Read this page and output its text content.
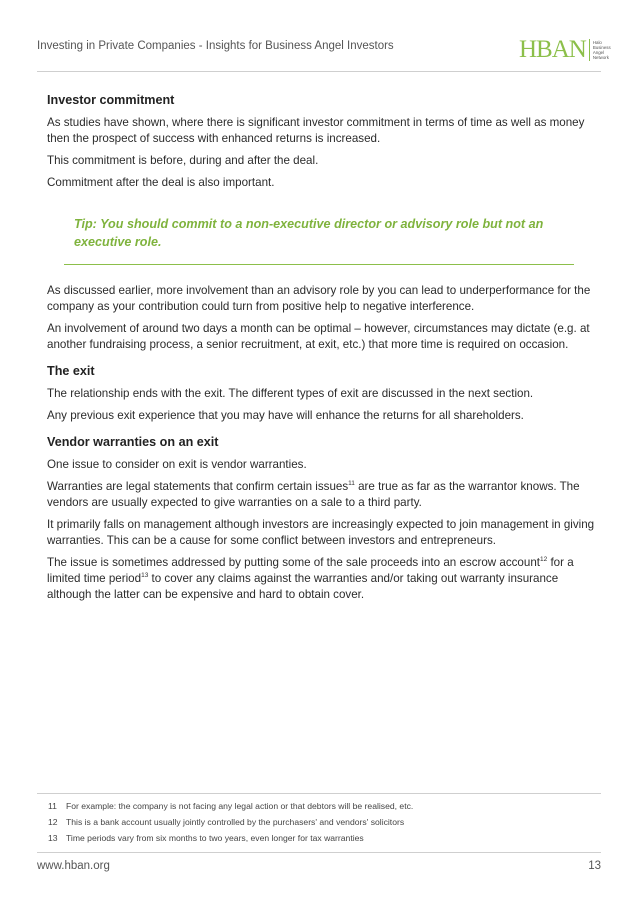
Investing in Private Companies - Insights for Business Angel Investors	HBAN Halo
Business
Angel
Network
Investor commitment

As studies have shown, where there is significant investor commitment in terms of time as well as money then the prospect of success with enhanced returns is increased.

This commitment is before, during and after the deal.

Commitment after the deal is also important.

Tip: You should commit to a non-executive director or advisory role but not an executive role.

As discussed earlier, more involvement than an advisory role by you can lead to underperformance for the company as your contribution could turn from positive help to negative interference.

An involvement of around two days a month can be optimal – however, circumstances may dictate (e.g. at another fundraising process, a senior recruitment, at exit, etc.) that more time is required on occasion.

The exit

The relationship ends with the exit. The different types of exit are discussed in the next section.

Any previous exit experience that you may have will enhance the returns for all shareholders.

Vendor warranties on an exit

One issue to consider on exit is vendor warranties.

Warranties are legal statements that confirm certain issues$^{11}$ are true as far as the warrantor knows. The vendors are usually expected to give warranties on a sale to a third party.

It primarily falls on management although investors are increasingly expected to join management in giving warranties. This can be a cause for some conflict between investors and entrepreneurs.

The issue is sometimes addressed by putting some of the sale proceeds into an escrow account$^{12}$ for a limited time period$^{13}$ to cover any claims against the warranties and/or taking out warranty insurance although the latter can be expensive and hard to obtain cover.

11	For example: the company is not facing any legal action or that debtors will be realised, etc.
12 This is a bank account usually jointly controlled by the purchasers' and vendors' solicitors
13 Time periods vary from six months to two years, even longer for tax warranties
www.hban.org	13
